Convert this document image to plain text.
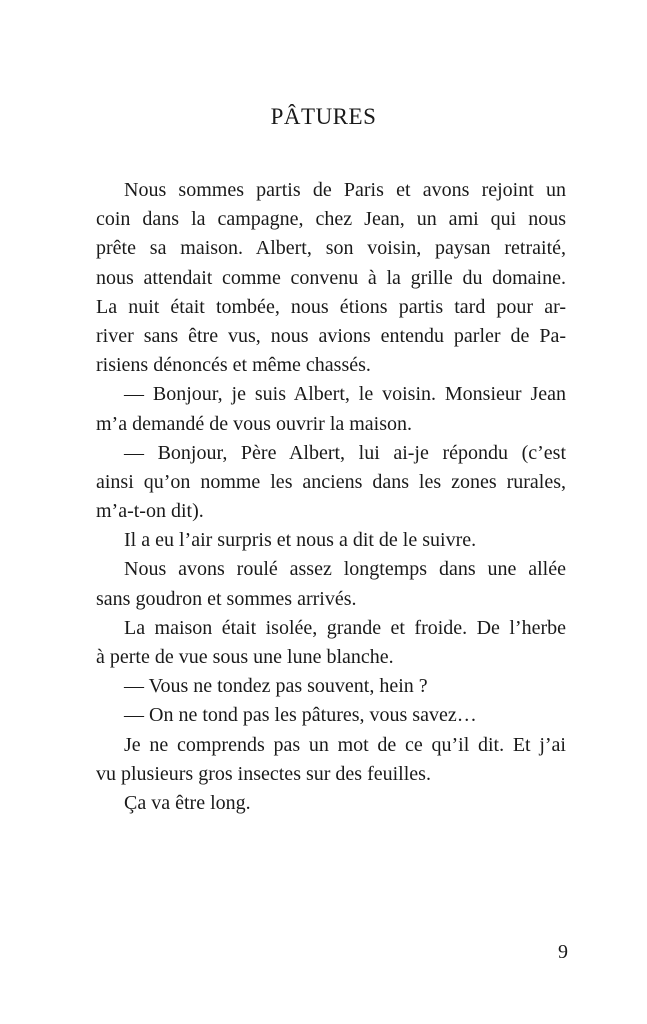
PÂTURES
Nous sommes partis de Paris et avons rejoint un
coin dans la campagne, chez Jean, un ami qui nous
prête sa maison. Albert, son voisin, paysan retraité,
nous attendait comme convenu à la grille du domaine.
La nuit était tombée, nous étions partis tard pour ar-
river sans être vus, nous avions entendu parler de Pa-
risiens dénoncés et même chassés.
— Bonjour, je suis Albert, le voisin. Monsieur Jean
m’a demandé de vous ouvrir la maison.
— Bonjour, Père Albert, lui ai-je répondu (c’est
ainsi qu’on nomme les anciens dans les zones rurales,
m’a-t-on dit).
Il a eu l’air surpris et nous a dit de le suivre.
Nous avons roulé assez longtemps dans une allée
sans goudron et sommes arrivés.
La maison était isolée, grande et froide. De l’herbe
à perte de vue sous une lune blanche.
— Vous ne tondez pas souvent, hein ?
— On ne tond pas les pâtures, vous savez…
Je ne comprends pas un mot de ce qu’il dit. Et j’ai
vu plusieurs gros insectes sur des feuilles.
Ça va être long.
9
